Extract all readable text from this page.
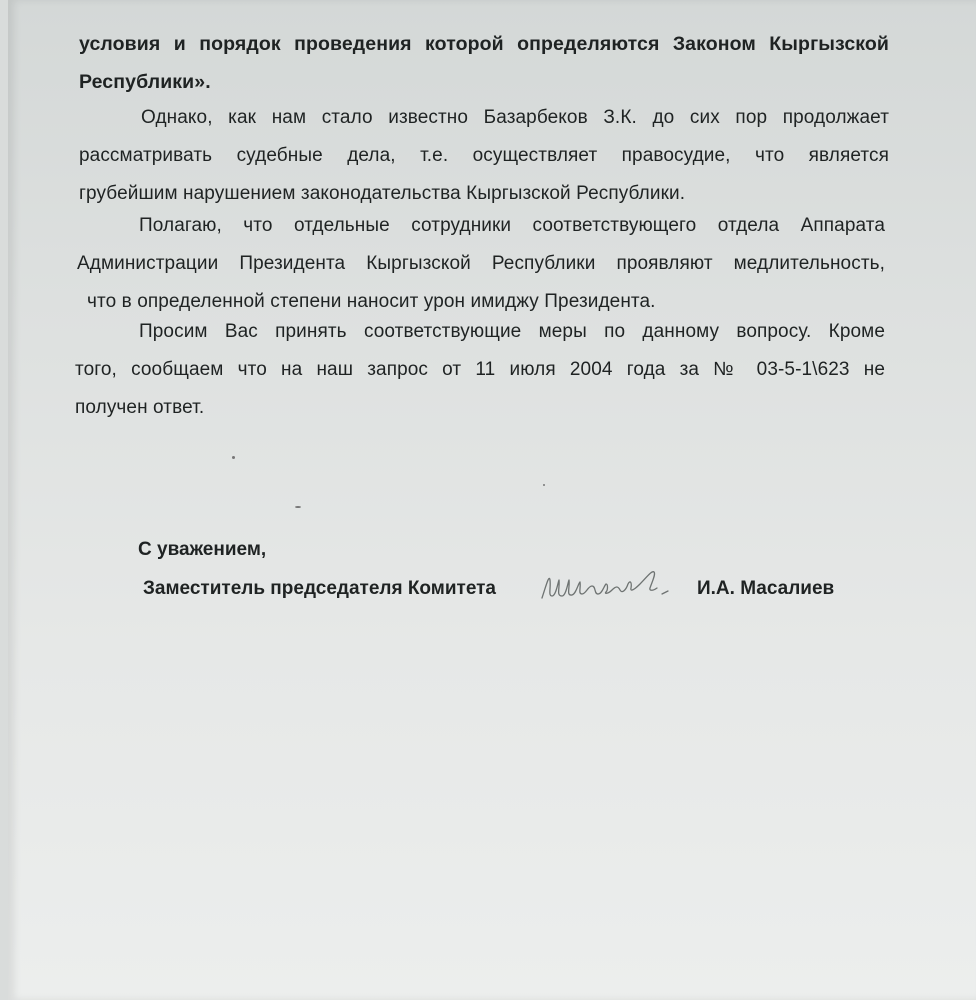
условия и порядок проведения которой определяются Законом Кыргызской
Республики».

Однако, как нам стало известно Базарбеков З.К. до сих пор продолжает
рассматривать судебные дела, т.е. осуществляет правосудие, что является
грубейшим нарушением законодательства Кыргызской Республики.

Полагаю, что отдельные сотрудники соответствующего отдела Аппарата
Администрации Президента Кыргызской Республики проявляют медлительность,
что в определенной степени наносит урон имиджу Президента.

Просим Вас принять соответствующие меры по данному вопросу. Кроме
того, сообщаем что на наш запрос от 11 июля 2004 года за № 03-5-1\623 не
получен ответ.

С уважением,
Заместитель председателя Комитета	И.А. Масалиев
